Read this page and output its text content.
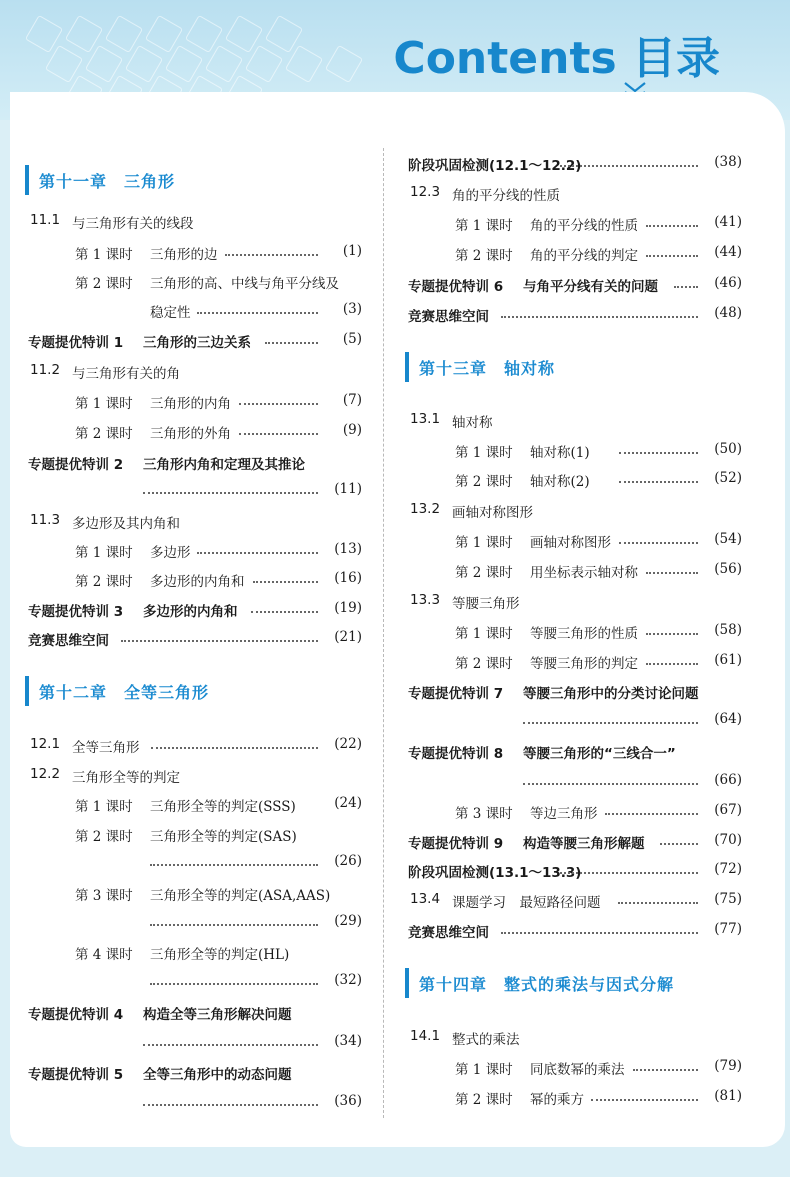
Contents 目录
第十一章　三角形
11.1 与三角形有关的线段
第 1 课时 三角形的边	(1)
第 2 课时 三角形的高、中线与角平分线及
稳定性	(3)
专题提优特训 1 三角形的三边关系	(5)
11.2 与三角形有关的角
第 1 课时 三角形的内角	(7)
第 2 课时 三角形的外角	(9)
专题提优特训 2 三角形内角和定理及其推论
(11)
11.3 多边形及其内角和
第 1 课时 多边形	(13)
第 2 课时 多边形的内角和	(16)
专题提优特训 3 多边形的内角和	(19)
竞赛思维空间	(21)
第十二章　全等三角形
12.1 全等三角形	(22)
12.2 三角形全等的判定
第 1 课时 三角形全等的判定(SSS)	(24)
第 2 课时 三角形全等的判定(SAS)
(26)
第 3 课时 三角形全等的判定(ASA,AAS)
(29)
第 4 课时 三角形全等的判定(HL)
(32)
专题提优特训 4 构造全等三角形解决问题
(34)
专题提优特训 5 全等三角形中的动态问题
(36)
阶段巩固检测(12.1～12.2)	(38)
12.3 角的平分线的性质
第 1 课时 角的平分线的性质	(41)
第 2 课时 角的平分线的判定	(44)
专题提优特训 6 与角平分线有关的问题	(46)
竞赛思维空间	(48)
第十三章　轴对称
13.1 轴对称
第 1 课时 轴对称(1)	(50)
第 2 课时 轴对称(2)	(52)
13.2 画轴对称图形
第 1 课时 画轴对称图形	(54)
第 2 课时 用坐标表示轴对称	(56)
13.3 等腰三角形
第 1 课时 等腰三角形的性质	(58)
第 2 课时 等腰三角形的判定	(61)
专题提优特训 7 等腰三角形中的分类讨论问题
(64)
专题提优特训 8 等腰三角形的“三线合一”
(66)
第 3 课时 等边三角形	(67)
专题提优特训 9 构造等腰三角形解题	(70)
阶段巩固检测(13.1～13.3)	(72)
13.4 课题学习　最短路径问题	(75)
竞赛思维空间	(77)
第十四章　整式的乘法与因式分解
14.1 整式的乘法
第 1 课时 同底数幂的乘法	(79)
第 2 课时 幂的乘方	(81)
